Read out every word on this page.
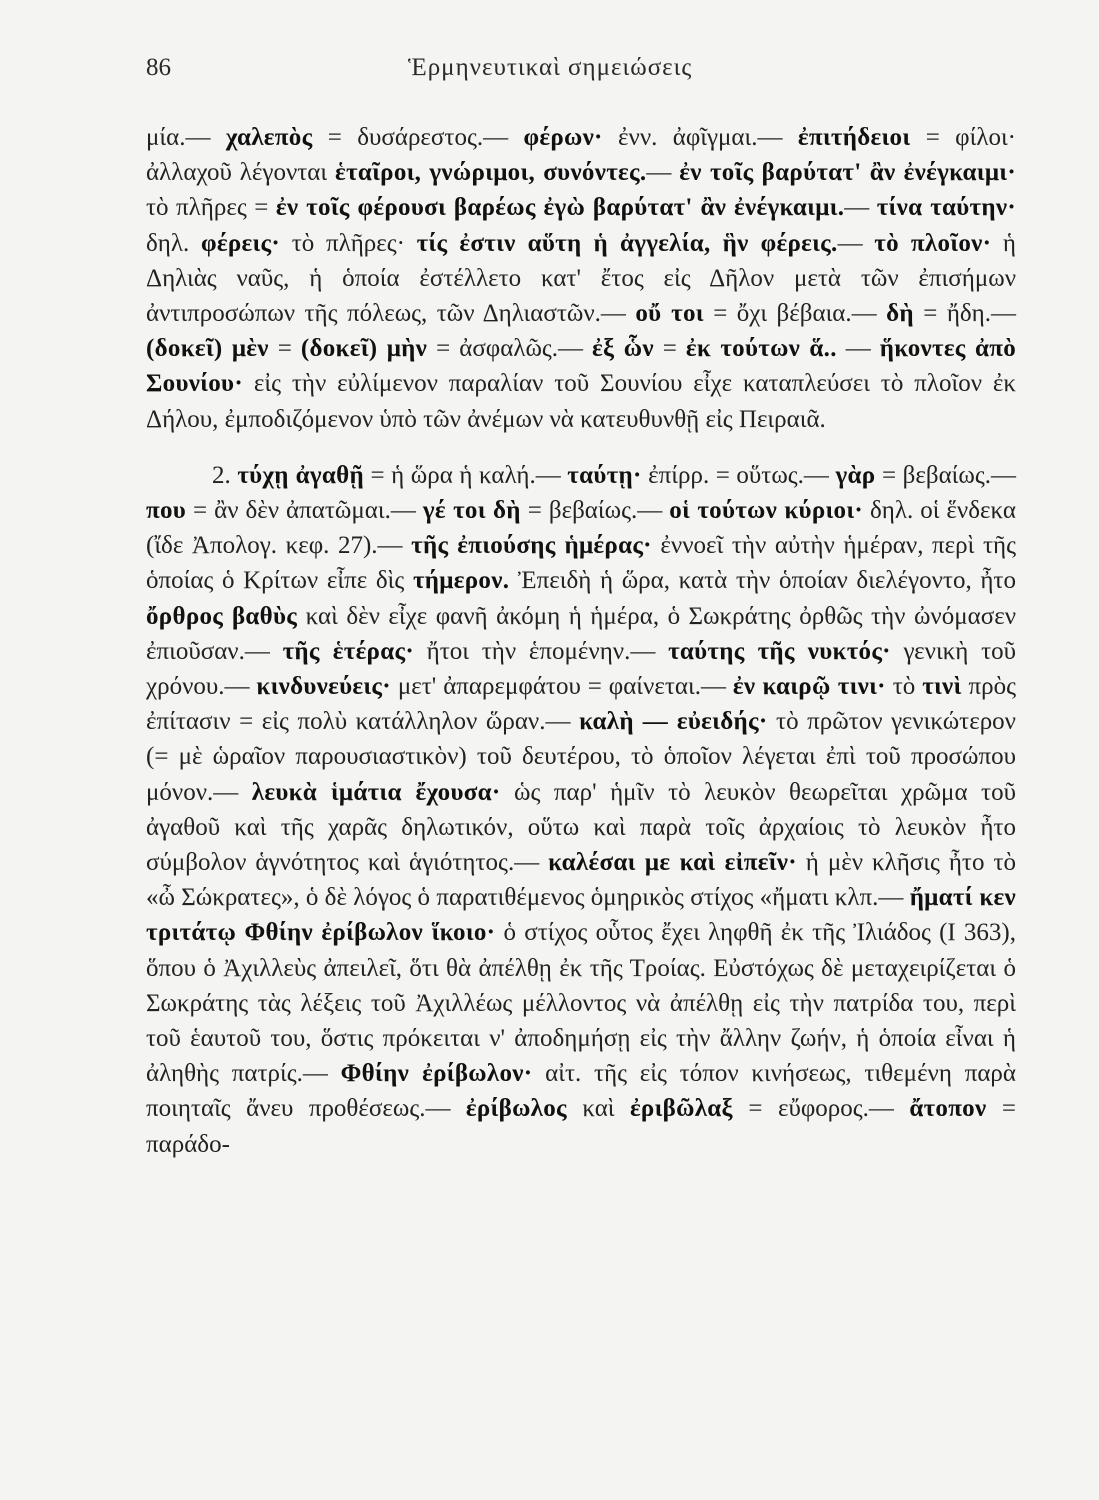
86	Ἑρμηνευτικαὶ σημειώσεις

μία.— χαλεπὸς = δυσάρεστος.— φέρων· ἐνν. ἀφῖγμαι.— ἐπιτήδειοι = φίλοι· ἀλλαχοῦ λέγονται ἑταῖροι, γνώριμοι, συνόντες.— ἐν τοῖς βαρύτατ' ἂν ἐνέγκαιμι· τὸ πλῆρες = ἐν τοῖς φέρουσι βαρέως ἐγὼ βαρύτατ' ἂν ἐνέγκαιμι.— τίνα ταύτην· δηλ. φέρεις· τὸ πλῆρες· τίς ἐστιν αὕτη ἡ ἀγγελία, ἣν φέρεις.— τὸ πλοῖον· ἡ Δηλιὰς ναῦς, ἡ ὁποία ἐστέλλετο κατ' ἔτος εἰς Δῆλον μετὰ τῶν ἐπισήμων ἀντιπροσώπων τῆς πόλεως, τῶν Δηλιαστῶν.— οὔ τοι = ὄχι βέβαια.— δὴ = ἤδη.— (δοκεῖ) μὲν = (δοκεῖ) μὴν = ἀσφαλῶς.— ἐξ ὧν = ἐκ τούτων ἅ.. — ἥκοντες ἀπὸ Σουνίου· εἰς τὴν εὐλίμενον παραλίαν τοῦ Σουνίου εἶχε καταπλεύσει τὸ πλοῖον ἐκ Δήλου, ἐμποδιζόμενον ὑπὸ τῶν ἀνέμων νὰ κατευθυνθῇ εἰς Πειραιᾶ.

2. τύχῃ ἀγαθῇ = ἡ ὥρα ἡ καλή.— ταύτῃ· ἐπίρρ. = οὕτως.— γὰρ = βεβαίως.— που = ἂν δὲν ἀπατῶμαι.— γέ τοι δὴ = βεβαίως.— οἱ τούτων κύριοι· δηλ. οἱ ἕνδεκα (ἴδε Ἀπολογ. κεφ. 27).— τῆς ἐπιούσης ἡμέρας· ἐννοεῖ τὴν αὐτὴν ἡμέραν, περὶ τῆς ὁποίας ὁ Κρίτων εἶπε δὶς τήμερον. Ἐπειδὴ ἡ ὥρα, κατὰ τὴν ὁποίαν διελέγοντο, ἦτο ὄρθρος βαθὺς καὶ δὲν εἶχε φανῆ ἀκόμη ἡ ἡμέρα, ὁ Σωκράτης ὀρθῶς τὴν ὠνόμασεν ἐπιοῦσαν.— τῆς ἑτέρας· ἤτοι τὴν ἑπομένην.— ταύτης τῆς νυκτός· γενικὴ τοῦ χρόνου.— κινδυνεύεις· μετ' ἀπαρεμφάτου = φαίνεται.— ἐν καιρῷ τινι· τὸ τινὶ πρὸς ἐπίτασιν = εἰς πολὺ κατάλληλον ὥραν.— καλὴ — εὐειδής· τὸ πρῶτον γενικώτερον (= μὲ ὡραῖον παρουσιαστικὸν) τοῦ δευτέρου, τὸ ὁποῖον λέγεται ἐπὶ τοῦ προσώπου μόνον.— λευκὰ ἱμάτια ἔχουσα· ὡς παρ' ἡμῖν τὸ λευκὸν θεωρεῖται χρῶμα τοῦ ἀγαθοῦ καὶ τῆς χαρᾶς δηλωτικόν, οὕτω καὶ παρὰ τοῖς ἀρχαίοις τὸ λευκὸν ἦτο σύμβολον ἁγνότητος καὶ ἁγιότητος.— καλέσαι με καὶ εἰπεῖν· ἡ μὲν κλῆσις ἦτο τὸ «ὦ Σώκρατες», ὁ δὲ λόγος ὁ παρατιθέμενος ὁμηρικὸς στίχος «ἤματι κλπ.— ἤματί κεν τριτάτῳ Φθίην ἐρίβωλον ἵκοιο· ὁ στίχος οὗτος ἔχει ληφθῆ ἐκ τῆς Ἰλιάδος (Ι 363), ὅπου ὁ Ἀχιλλεὺς ἀπειλεῖ, ὅτι θὰ ἀπέλθῃ ἐκ τῆς Τροίας. Εὐστόχως δὲ μεταχειρίζεται ὁ Σωκράτης τὰς λέξεις τοῦ Ἀχιλλέως μέλλοντος νὰ ἀπέλθῃ εἰς τὴν πατρίδα του, περὶ τοῦ ἑαυτοῦ του, ὅστις πρόκειται ν' ἀποδημήσῃ εἰς τὴν ἄλλην ζωήν, ἡ ὁποία εἶναι ἡ ἀληθὴς πατρίς.— Φθίην ἐρίβωλον· αἰτ. τῆς εἰς τόπον κινήσεως, τιθεμένη παρὰ ποιηταῖς ἄνευ προθέσεως.— ἐρίβωλος καὶ ἐριβῶλαξ = εὔφορος.— ἄτοπον = παράδο-
